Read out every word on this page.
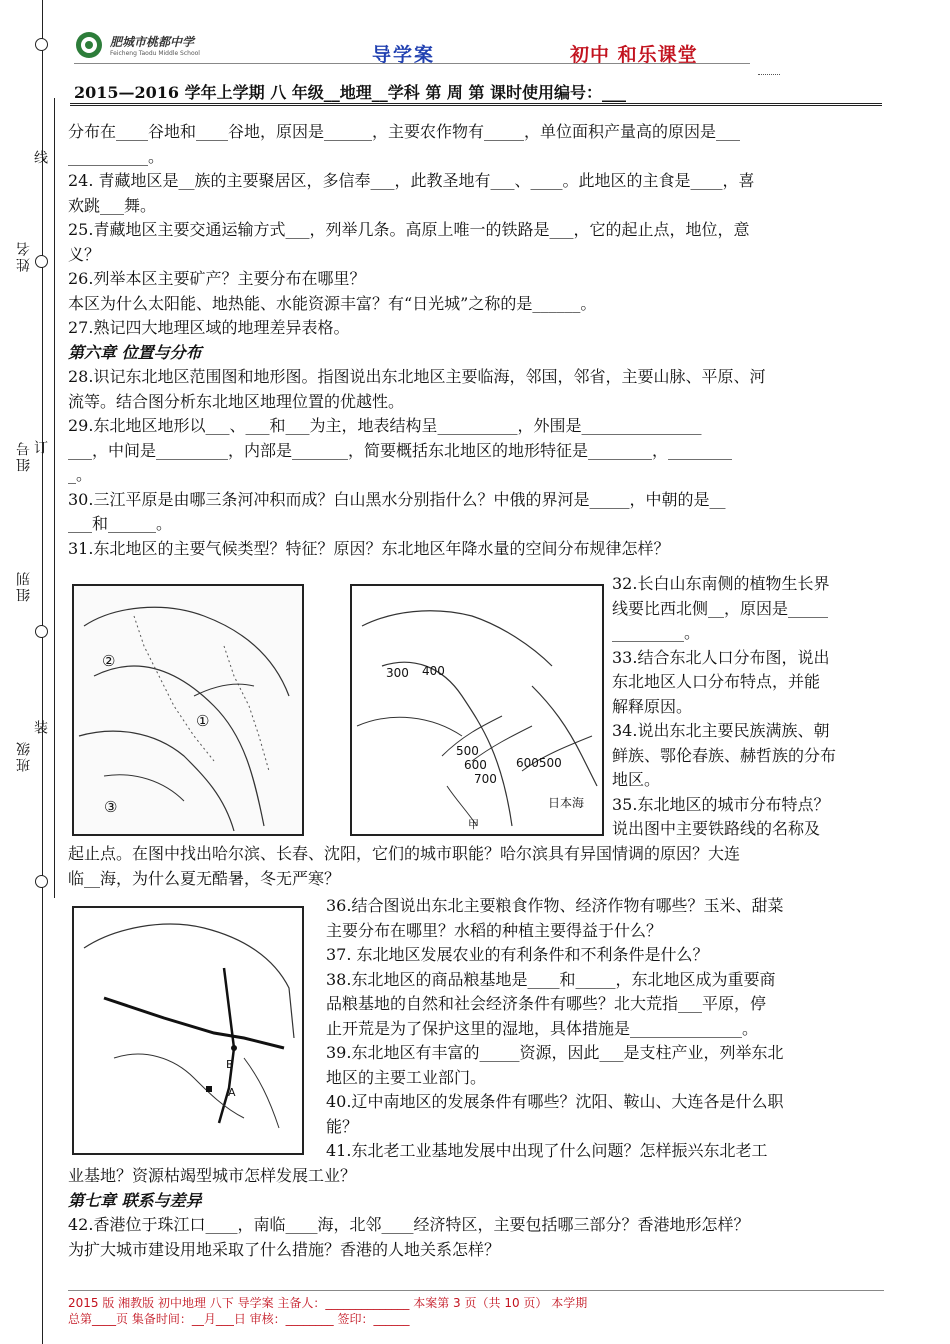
线
姓名
组号 订
组别
班级
装
肥城市桃都中学
Feicheng Taodu Middle School	导学案	初中 和乐课堂
2015—2016 学年上学期 八 年级__地理__学科 第 周 第 课时使用编号：___

分布在____谷地和____谷地，原因是______，主要农作物有_____，单位面积产量高的原因是___

__________。

24. 青藏地区是__族的主要聚居区，多信奉___，此教圣地有___、____。此地区的主食是____，喜

欢跳___舞。

25.青藏地区主要交通运输方式___，列举几条。高原上唯一的铁路是___，它的起止点，地位，意

义？

26.列举本区主要矿产？主要分布在哪里？

本区为什么太阳能、地热能、水能资源丰富？有“日光城”之称的是______。

27.熟记四大地理区域的地理差异表格。

第六章 位置与分布

28.识记东北地区范围图和地形图。指图说出东北地区主要临海，邻国，邻省，主要山脉、平原、河

流等。结合图分析东北地区地理位置的优越性。

29.东北地区地形以___、___和___为主，地表结构呈__________，外围是_______________

___，中间是_________，内部是_______，简要概括东北地区的地形特征是________，________

_。

30.三江平原是由哪三条河冲积而成？白山黑水分别指什么？中俄的界河是_____，中朝的是__

___和______。

31.东北地区的主要气候类型？特征？原因？东北地区年降水量的空间分布规律怎样？

②
①
③
300 400
500
600
700
600500
日本海
甲

32.长白山东南侧的植物生长界

线要比西北侧__，原因是_____

_________。

33.结合东北人口分布图，说出

东北地区人口分布特点，并能

解释原因。

34.说出东北主要民族满族、朝

鲜族、鄂伦春族、赫哲族的分布

地区。

35.东北地区的城市分布特点？

说出图中主要铁路线的名称及

起止点。在图中找出哈尔滨、长春、沈阳，它们的城市职能？哈尔滨具有异国情调的原因？大连

临__海，为什么夏无酷暑，冬无严寒？

B
A

36.结合图说出东北主要粮食作物、经济作物有哪些？玉米、甜菜

主要分布在哪里？水稻的种植主要得益于什么？

37. 东北地区发展农业的有利条件和不利条件是什么？

38.东北地区的商品粮基地是____和_____，东北地区成为重要商

品粮基地的自然和社会经济条件有哪些？北大荒指___平原，停

止开荒是为了保护这里的湿地，具体措施是______________。

39.东北地区有丰富的_____资源，因此___是支柱产业，列举东北

地区的主要工业部门。

40.辽中南地区的发展条件有哪些？沈阳、鞍山、大连各是什么职

能？

41.东北老工业基地发展中出现了什么问题？怎样振兴东北老工

业基地？资源枯竭型城市怎样发展工业？

第七章 联系与差异

42.香港位于珠江口____，南临____海，北邻____经济特区，主要包括哪三部分？香港地形怎样？

为扩大城市建设用地采取了什么措施？香港的人地关系怎样？

2015 版 湘教版 初中地理 八下 导学案 主备人：______________ 本案第 3 页（共 10 页） 本学期
总第____页 集备时间：__月___日 审核：________ 签印：______
